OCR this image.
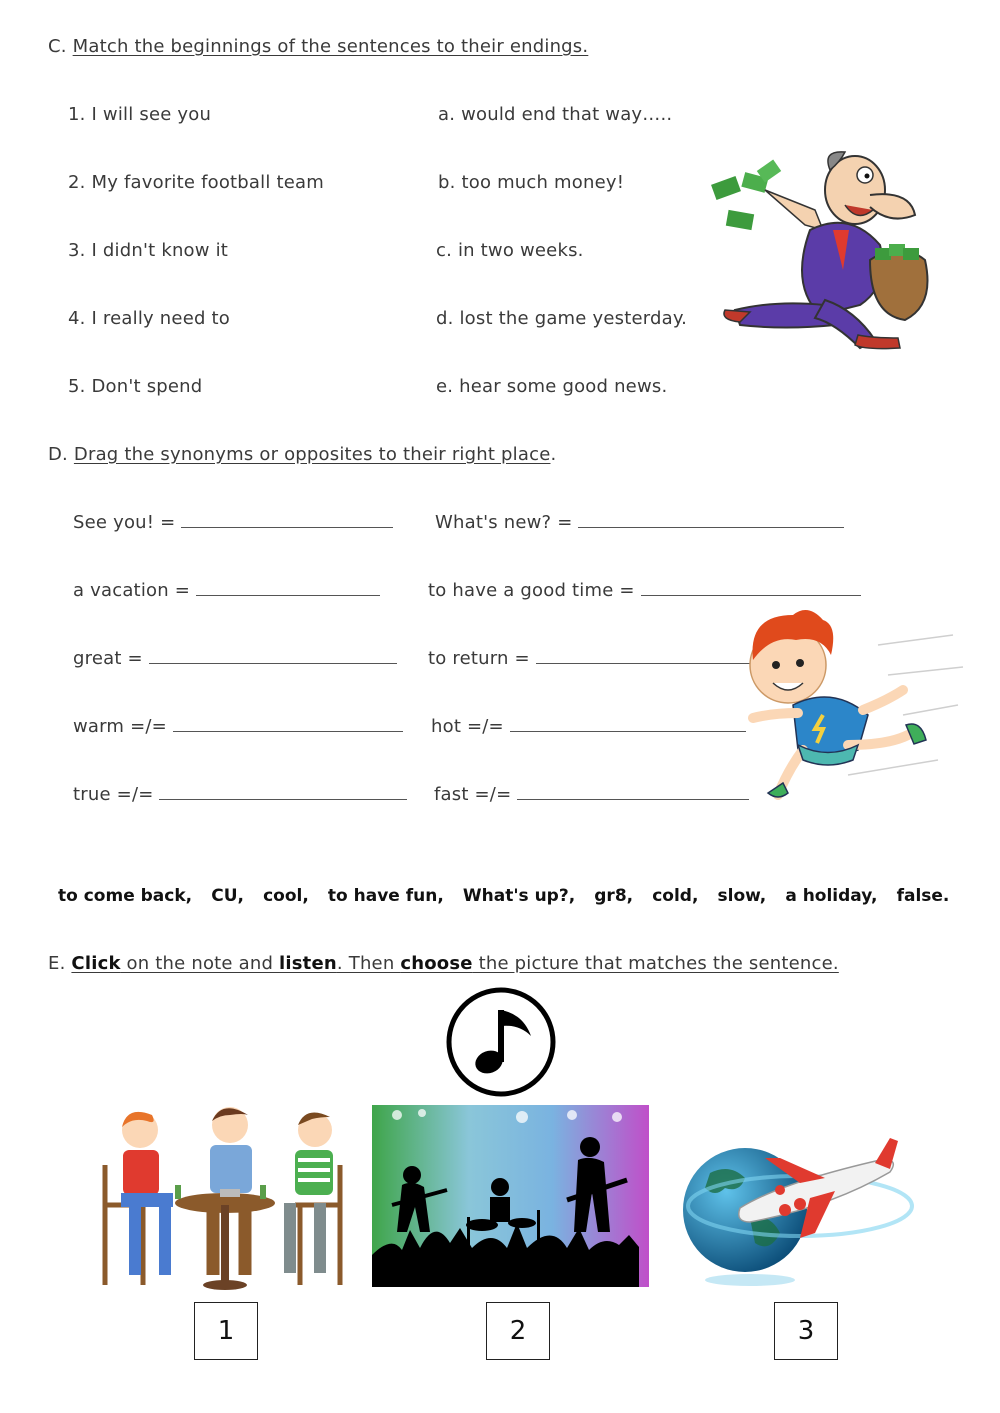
C. Match the beginnings of the sentences to their endings.
1. I will see you
2. My favorite football team
3. I didn't know it
4. I really need to
5. Don't spend
a. would end that way…..
b. too much money!
c. in two weeks.
d. lost the game yesterday.
e. hear some good news.
D. Drag the synonyms or opposites to their right place.
See you! =
a vacation =
great =
warm =/=
true =/=
What's new? =
to have a good time =
to return =
hot =/=
fast =/=
to come back, CU, cool, to have fun, What's up?, gr8, cold, slow, a holiday, false.
E. Click on the note and listen. Then choose the picture that matches the sentence.
1	2	3
